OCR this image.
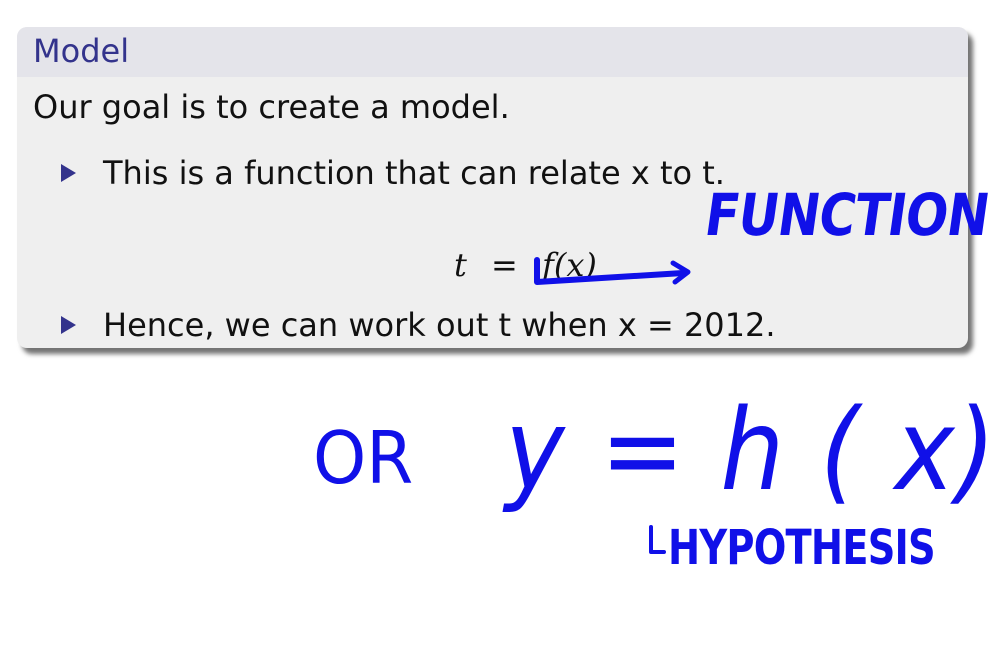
Model
Our goal is to create a model.
This is a function that can relate x to t.
t = f(x)
Hence, we can work out t when x = 2012.
FUNCTION
OR y = h ( x)
HYPOTHESIS
